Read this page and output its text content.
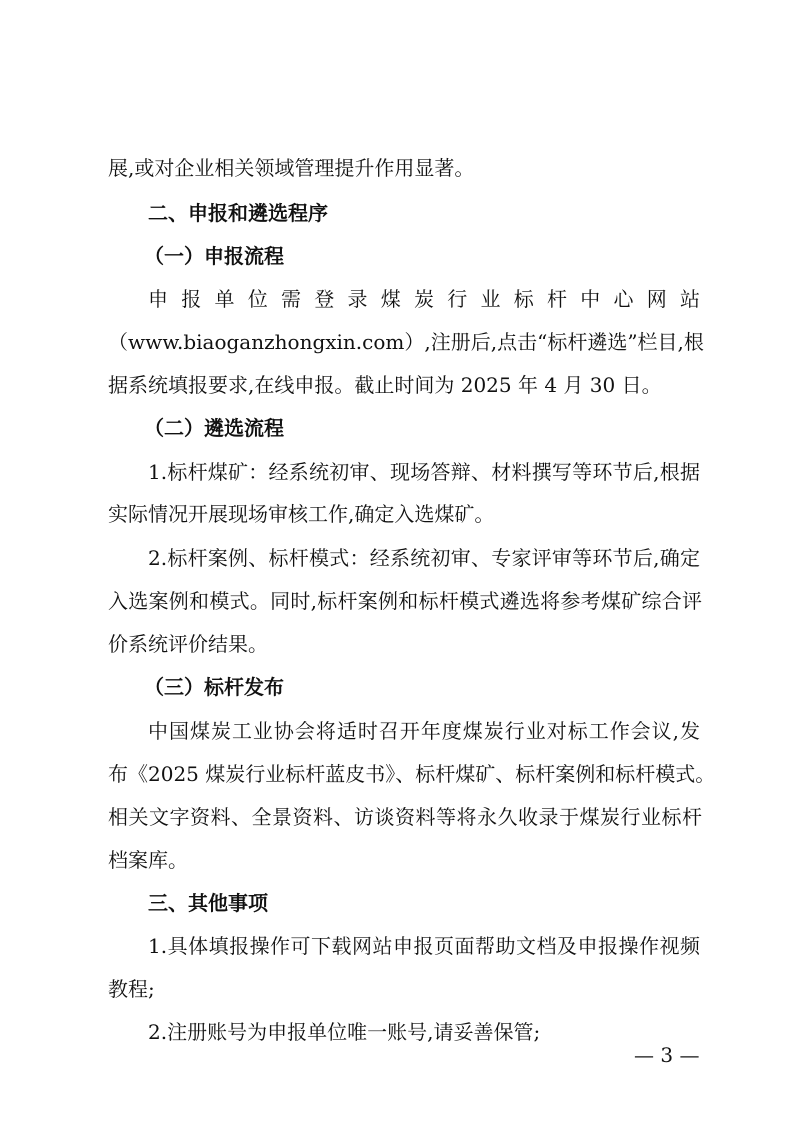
展,或对企业相关领域管理提升作用显著。
二、申报和遴选程序
（一）申报流程
申报单位需登录煤炭行业标杆中心网站
（www.biaoganzhongxin.com）,注册后,点击“标杆遴选”栏目,根
据系统填报要求,在线申报。截止时间为 2025 年 4 月 30 日。
（二）遴选流程
1.标杆煤矿：经系统初审、现场答辩、材料撰写等环节后,根据
实际情况开展现场审核工作,确定入选煤矿。
2.标杆案例、标杆模式：经系统初审、专家评审等环节后,确定
入选案例和模式。同时,标杆案例和标杆模式遴选将参考煤矿综合评
价系统评价结果。
（三）标杆发布
中国煤炭工业协会将适时召开年度煤炭行业对标工作会议,发
布《2025 煤炭行业标杆蓝皮书》、标杆煤矿、标杆案例和标杆模式。
相关文字资料、全景资料、访谈资料等将永久收录于煤炭行业标杆
档案库。
三、其他事项
1.具体填报操作可下载网站申报页面帮助文档及申报操作视频
教程;
2.注册账号为申报单位唯一账号,请妥善保管;
— 3 —
